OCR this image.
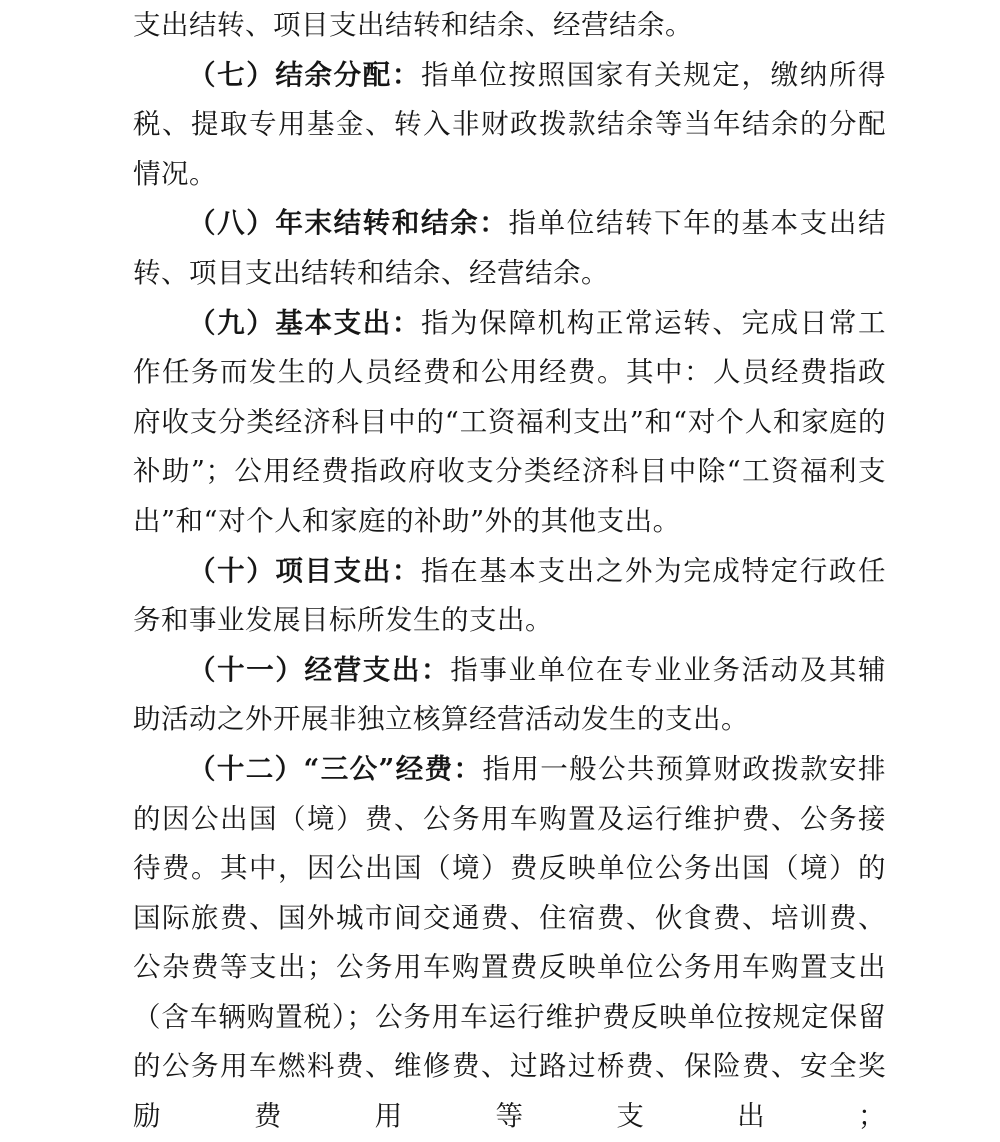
支出结转、项目支出结转和结余、经营结余。

（七）结余分配：指单位按照国家有关规定，缴纳所得税、提取专用基金、转入非财政拨款结余等当年结余的分配情况。

（八）年末结转和结余：指单位结转下年的基本支出结转、项目支出结转和结余、经营结余。

（九）基本支出：指为保障机构正常运转、完成日常工作任务而发生的人员经费和公用经费。其中：人员经费指政府收支分类经济科目中的“工资福利支出”和“对个人和家庭的补助”；公用经费指政府收支分类经济科目中除“工资福利支出”和“对个人和家庭的补助”外的其他支出。

（十）项目支出：指在基本支出之外为完成特定行政任务和事业发展目标所发生的支出。

（十一）经营支出：指事业单位在专业业务活动及其辅助活动之外开展非独立核算经营活动发生的支出。

（十二）“三公”经费：指用一般公共预算财政拨款安排的因公出国（境）费、公务用车购置及运行维护费、公务接待费。其中，因公出国（境）费反映单位公务出国（境）的国际旅费、国外城市间交通费、住宿费、伙食费、培训费、公杂费等支出；公务用车购置费反映单位公务用车购置支出（含车辆购置税）；公务用车运行维护费反映单位按规定保留的公务用车燃料费、维修费、过路过桥费、保险费、安全奖励费用等支出；
